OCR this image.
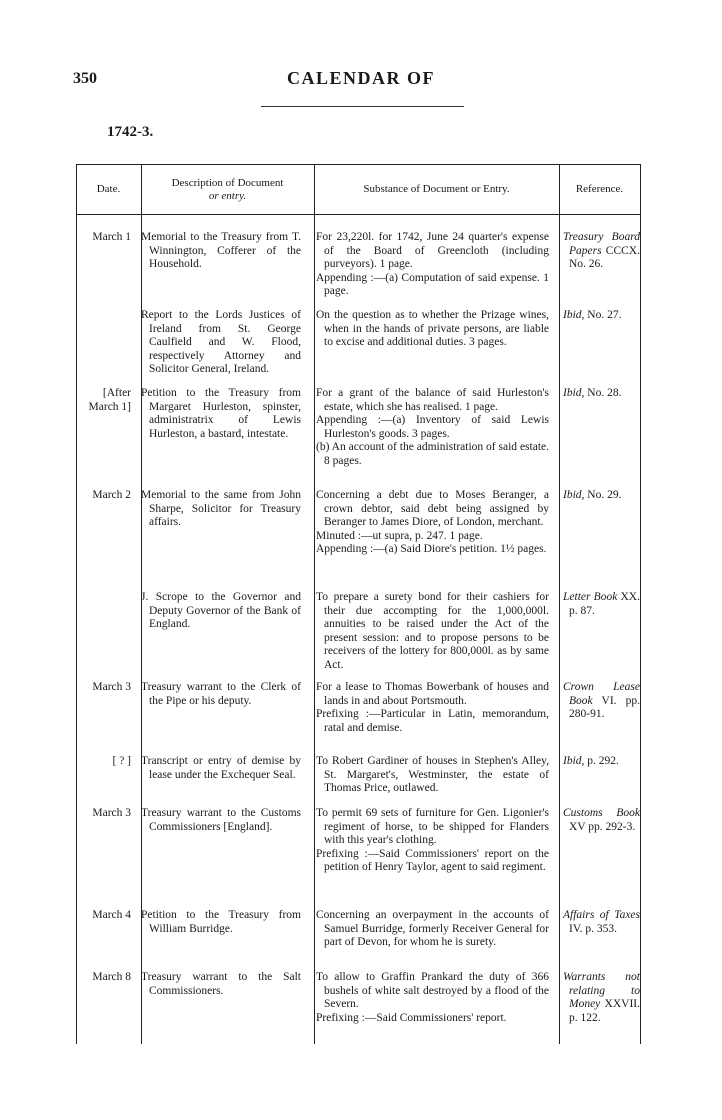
350	CALENDAR OF
1742-3.
Date.
Description of Document
or entry.
Substance of Document or Entry.	Reference.
March 1 Memorial to the Treasury from T. Winnington, Cofferer of the Household.
For 23,220l. for 1742, June 24 quarter's expense of the Board of Greencloth (including purveyors). 1 page.
Appending :—(a) Computation of said expense. 1 page.
Treasury Board Papers CCCX. No. 26.
Report to the Lords Justices of Ireland from St. George Caulfield and W. Flood, respectively Attorney and Solicitor General, Ireland.
On the question as to whether the Prizage wines, when in the hands of private persons, are liable to excise and additional duties. 3 pages.
Ibid, No. 27.
[After March 1]
Petition to the Treasury from Margaret Hurleston, spinster, administratrix of Lewis Hurleston, a bastard, intestate.
For a grant of the balance of said Hurleston's estate, which she has realised. 1 page.
Appending :—(a) Inventory of said Lewis Hurleston's goods. 3 pages.
(b) An account of the administration of said estate. 8 pages.
Ibid, No. 28.
March 2 Memorial to the same from John Sharpe, Solicitor for Treasury affairs.
Concerning a debt due to Moses Beranger, a crown debtor, said debt being assigned by Beranger to James Diore, of London, merchant.
Minuted :—ut supra, p. 247. 1 page.
Appending :—(a) Said Diore's petition. 1½ pages.
Ibid, No. 29.
J. Scrope to the Governor and Deputy Governor of the Bank of England.
To prepare a surety bond for their cashiers for their due accompting for the 1,000,000l. annuities to be raised under the Act of the present session: and to propose persons to be receivers of the lottery for 800,000l. as by same Act.
Letter Book XX. p. 87.
March 3 Treasury warrant to the Clerk of the Pipe or his deputy.
For a lease to Thomas Bowerbank of houses and lands in and about Portsmouth.
Prefixing :—Particular in Latin, memorandum, ratal and demise.
Crown Lease Book VI. pp. 280-91.
[ ? ] Transcript or entry of demise by lease under the Exchequer Seal.
To Robert Gardiner of houses in Stephen's Alley, St. Margaret's, Westminster, the estate of Thomas Price, outlawed.
Ibid, p. 292.
March 3 Treasury warrant to the Customs Commissioners [England].
To permit 69 sets of furniture for Gen. Ligonier's regiment of horse, to be shipped for Flanders with this year's clothing.
Prefixing :—Said Commissioners' report on the petition of Henry Taylor, agent to said regiment.
Customs Book XV pp. 292-3.
March 4 Petition to the Treasury from William Burridge.
Concerning an overpayment in the accounts of Samuel Burridge, formerly Receiver General for part of Devon, for whom he is surety.
Affairs of Taxes IV. p. 353.
March 8 Treasury warrant to the Salt Commissioners.
To allow to Graffin Prankard the duty of 366 bushels of white salt destroyed by a flood of the Severn.
Prefixing :—Said Commissioners' report.
Warrants not relating to Money XXVII. p. 122.
